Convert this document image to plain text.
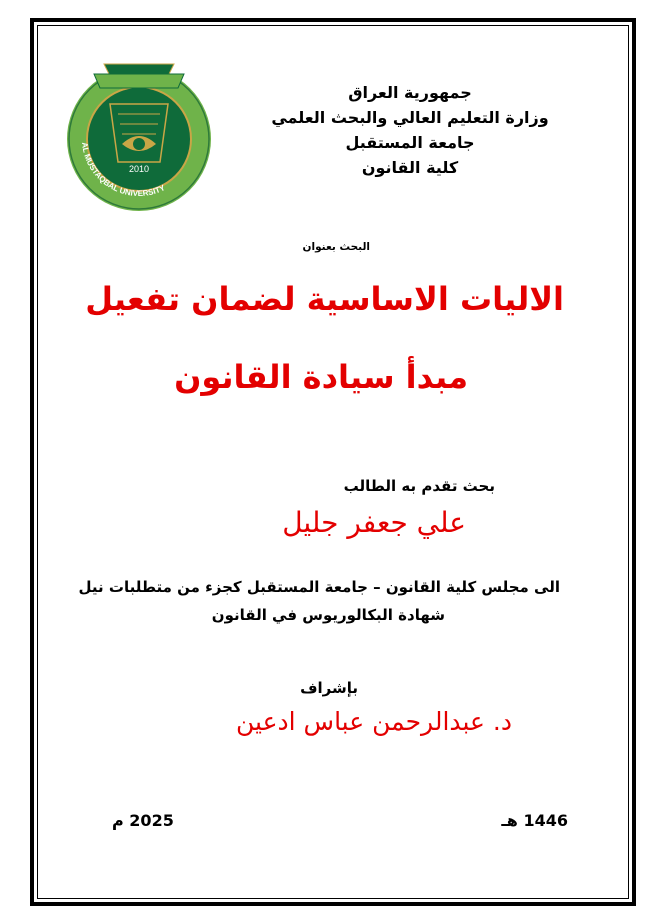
2010
AL MUSTAQBAL UNIVERSITY
جمهورية العراق
وزارة التعليم العالي والبحث العلمي
جامعة المستقبل
كلية القانون
البحث بعنوان
الاليات الاساسية لضمان تفعيل
مبدأ سيادة القانون
بحث تقدم به الطالب
علي جعفر جليل
الى مجلس كلية القانون – جامعة المستقبل كجزء من متطلبات نيل
شهادة البكالوريوس في القانون
بإشراف
د. عبدالرحمن عباس ادعين
1446 هـ
2025 م
